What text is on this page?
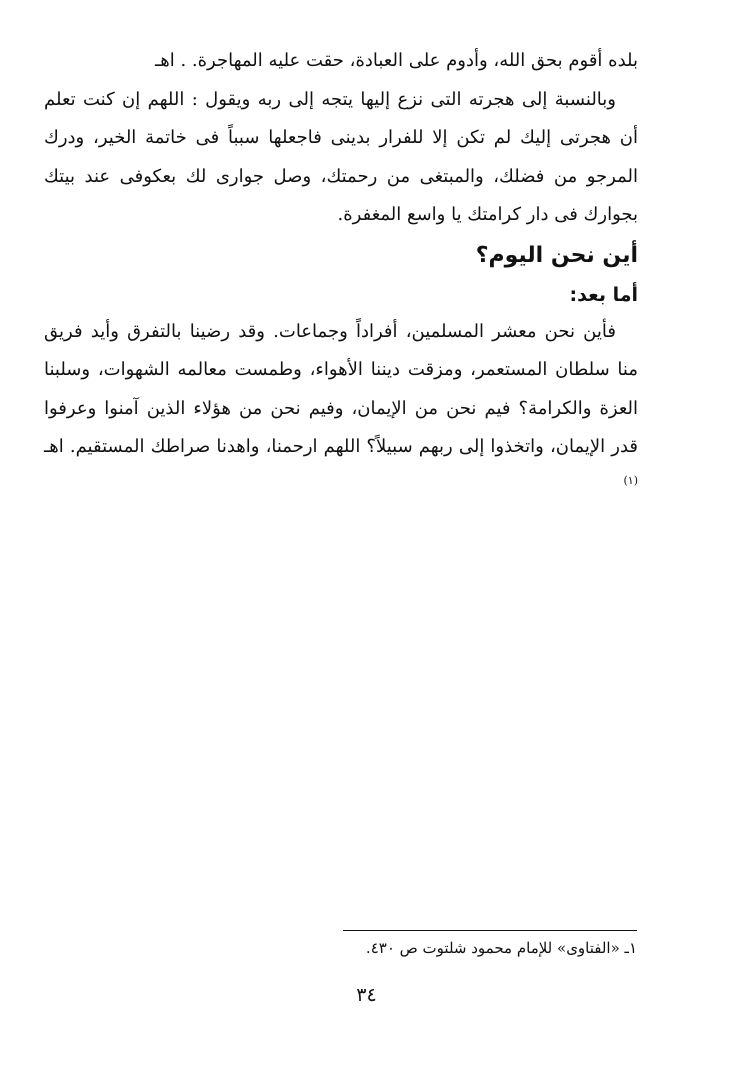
بلده أقوم بحق الله، وأدوم على العبادة، حقت عليه المهاجرة. . اهـ

وبالنسبة إلى هجرته التى نزع إليها يتجه إلى ربه ويقول : اللهم إن كنت تعلم أن هجرتى إليك لم تكن إلا للفرار بدينى فاجعلها سبباً فى خاتمة الخير، ودرك المرجو من فضلك، والمبتغى من رحمتك، وصل جوارى لك بعكوفى عند بيتك بجوارك فى دار كرامتك يا واسع المغفرة.

أين نحن اليوم؟
أما بعد:

فأين نحن معشر المسلمين، أفراداً وجماعات. وقد رضينا بالتفرق وأيد فريق منا سلطان المستعمر، ومزقت ديننا الأهواء، وطمست معالمه الشهوات، وسلبنا العزة والكرامة؟ فيم نحن من الإيمان، وفيم نحن من هؤلاء الذين آمنوا وعرفوا قدر الإيمان، واتخذوا إلى ربهم سبيلاً؟ اللهم ارحمنا، واهدنا صراطك المستقيم. اهـ $^{(١)}$

١ـ «الفتاوى» للإمام محمود شلتوت ص ٤٣٠.
٣٤
